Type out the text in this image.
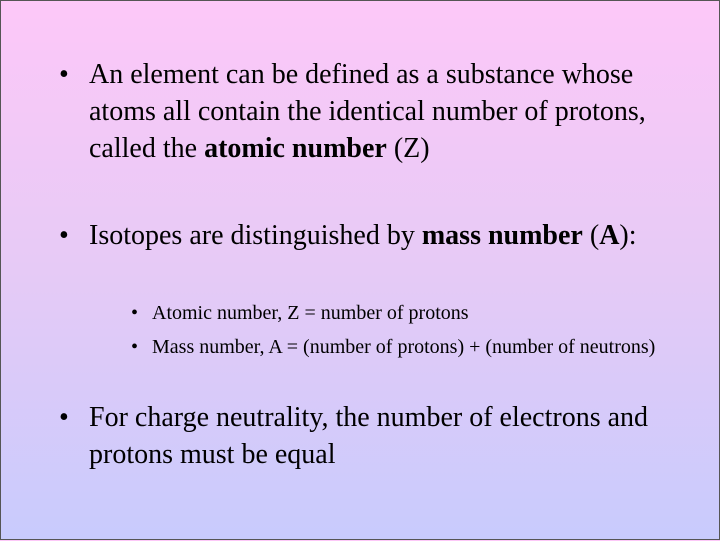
• An element can be defined as a substance whose atoms all contain the identical number of protons, called the atomic number (Z)
• Isotopes are distinguished by mass number (A):
• Atomic number, Z = number of protons
• Mass number, A = (number of protons) + (number of neutrons)
• For charge neutrality, the number of electrons and protons must be equal
